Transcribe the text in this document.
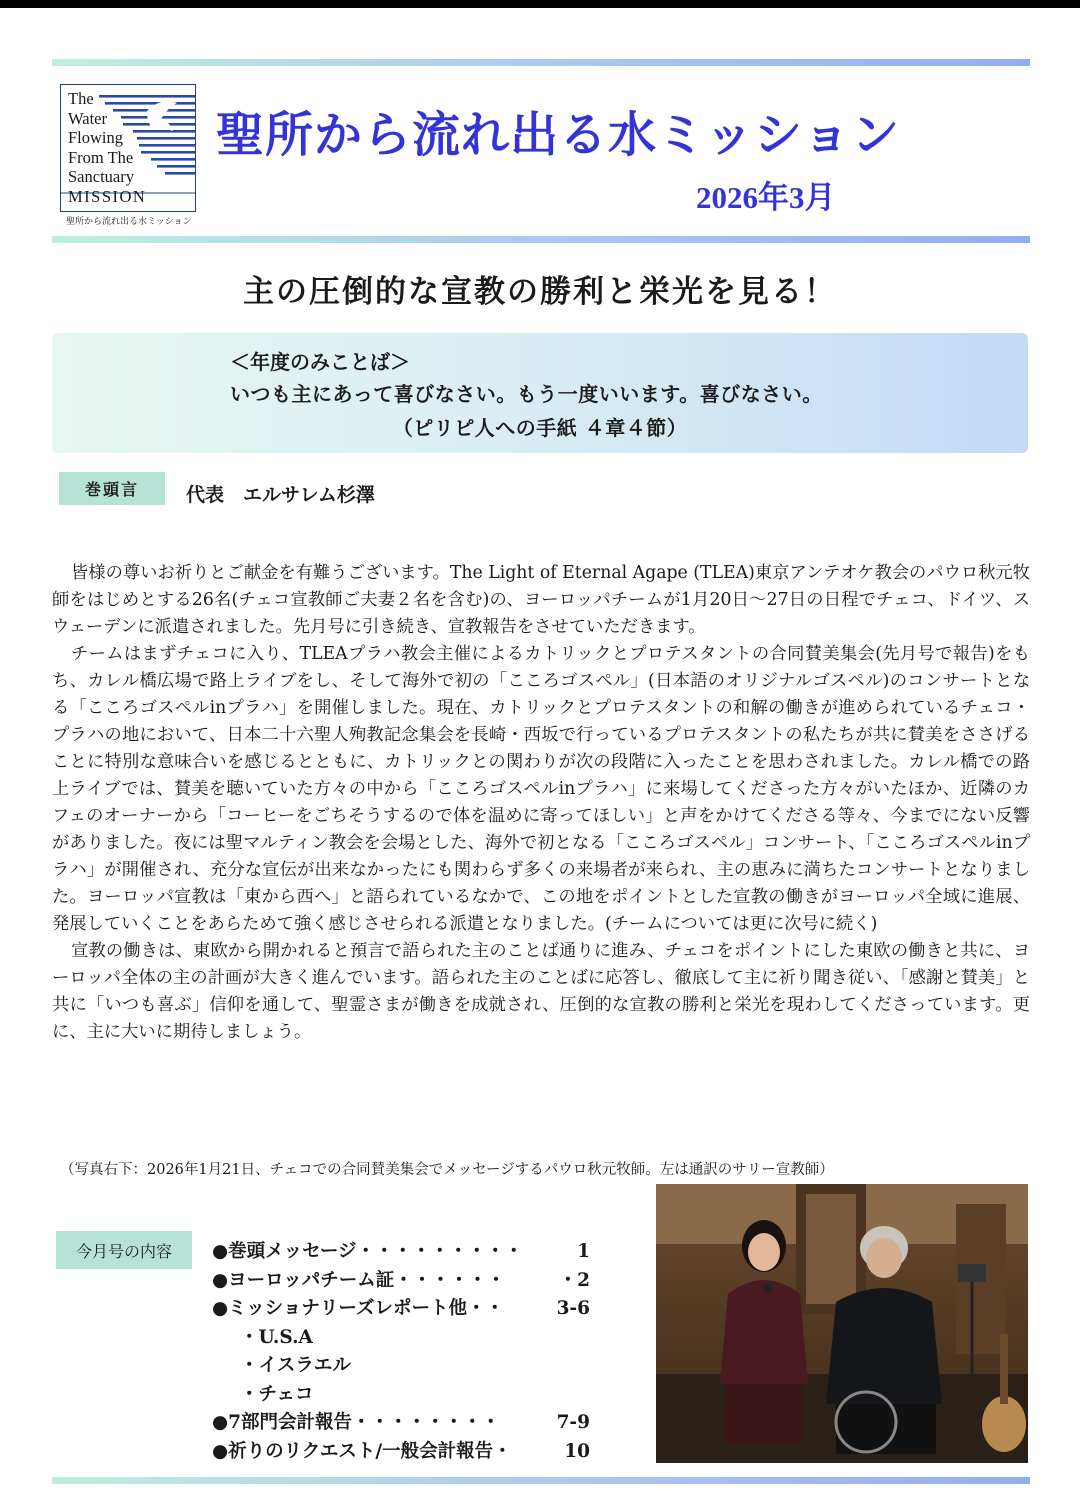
The
Water
Flowing
From The
Sanctuary
MISSION
聖所から流れ出る水ミッション
聖所から流れ出る水ミッション
2026年3月
主の圧倒的な宣教の勝利と栄光を見る！
＜年度のみことば＞
いつも主にあって喜びなさい。もう一度いいます。喜びなさい。
（ピリピ人への手紙 ４章４節）
巻頭言	代表　エルサレム杉澤

皆様の尊いお祈りとご献金を有難うございます。The Light of Eternal Agape (TLEA)東京アンテオケ教会のパウロ秋元牧師をはじめとする26名(チェコ宣教師ご夫妻２名を含む)の、ヨーロッパチームが1月20日〜27日の日程でチェコ、ドイツ、スウェーデンに派遣されました。先月号に引き続き、宣教報告をさせていただきます。

チームはまずチェコに入り、TLEAプラハ教会主催によるカトリックとプロテスタントの合同賛美集会(先月号で報告)をもち、カレル橋広場で路上ライブをし、そして海外で初の「こころゴスペル」(日本語のオリジナルゴスペル)のコンサートとなる「こころゴスペルinプラハ」を開催しました。現在、カトリックとプロテスタントの和解の働きが進められているチェコ・プラハの地において、日本二十六聖人殉教記念集会を長崎・西坂で行っているプロテスタントの私たちが共に賛美をささげることに特別な意味合いを感じるとともに、カトリックとの関わりが次の段階に入ったことを思わされました。カレル橋での路上ライブでは、賛美を聴いていた方々の中から「こころゴスペルinプラハ」に来場してくださった方々がいたほか、近隣のカフェのオーナーから「コーヒーをごちそうするので体を温めに寄ってほしい」と声をかけてくださる等々、今までにない反響がありました。夜には聖マルティン教会を会場とした、海外で初となる「こころゴスペル」コンサート、「こころゴスペルinプラハ」が開催され、充分な宣伝が出来なかったにも関わらず多くの来場者が来られ、主の恵みに満ちたコンサートとなりました。ヨーロッパ宣教は「東から西へ」と語られているなかで、この地をポイントとした宣教の働きがヨーロッパ全域に進展、発展していくことをあらためて強く感じさせられる派遣となりました。(チームについては更に次号に続く)

宣教の働きは、東欧から開かれると預言で語られた主のことば通りに進み、チェコをポイントにした東欧の働きと共に、ヨーロッパ全体の主の計画が大きく進んでいます。語られた主のことばに応答し、徹底して主に祈り聞き従い、「感謝と賛美」と共に「いつも喜ぶ」信仰を通して、聖霊さまが働きを成就され、圧倒的な宣教の勝利と栄光を現わしてくださっています。更に、主に大いに期待しましょう。

（写真右下：2026年1月21日、チェコでの合同賛美集会でメッセージするパウロ秋元牧師。左は通訳のサリー宣教師）
今月号の内容	●巻頭メッセージ・・・・・・・・・	1
●ヨーロッパチーム証・・・・・・	・2
●ミッショナリーズレポート他・・	3-6
・U.S.A
・イスラエル
・チェコ
●7部門会計報告・・・・・・・・	7-9
●祈りのリクエスト/一般会計報告・	10
